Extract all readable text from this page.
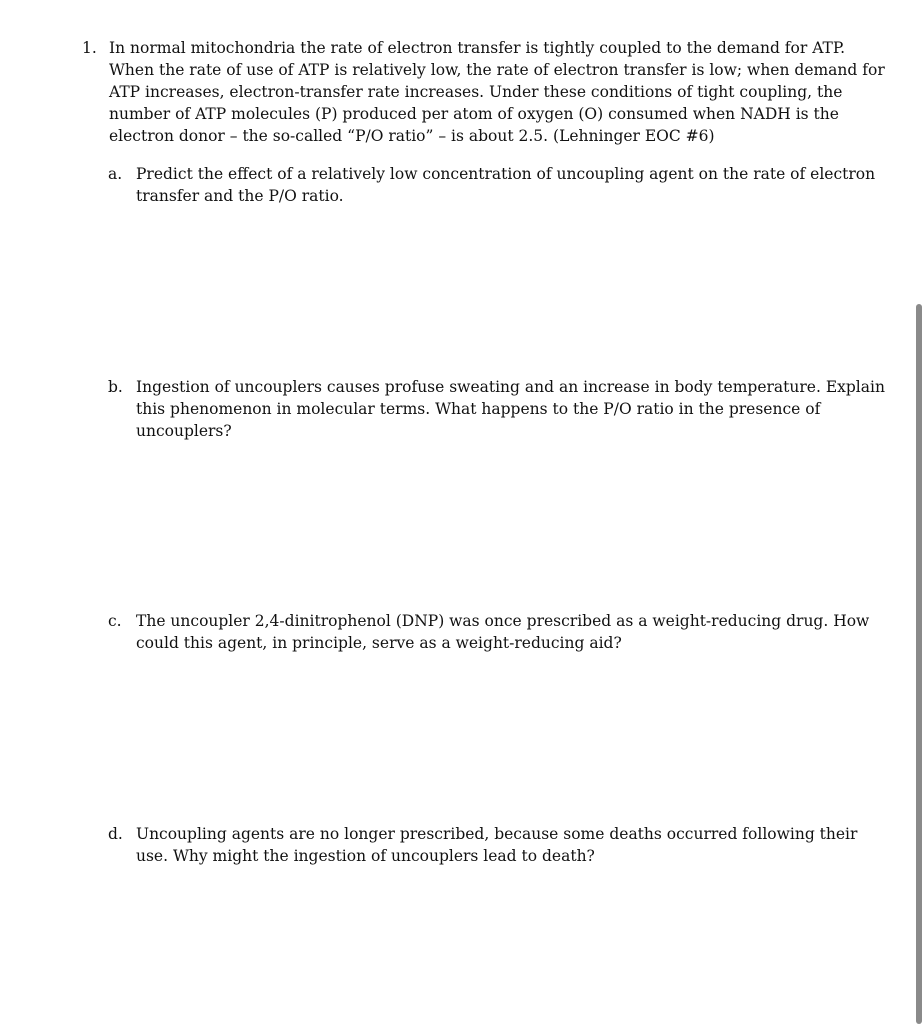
1. In normal mitochondria the rate of electron transfer is tightly coupled to the demand for ATP.
When the rate of use of ATP is relatively low, the rate of electron transfer is low; when demand for
ATP increases, electron-transfer rate increases. Under these conditions of tight coupling, the
number of ATP molecules (P) produced per atom of oxygen (O) consumed when NADH is the
electron donor – the so-called “P/O ratio” – is about 2.5. (Lehninger EOC #6)
a. Predict the effect of a relatively low concentration of uncoupling agent on the rate of electron
transfer and the P/O ratio.
b. Ingestion of uncouplers causes profuse sweating and an increase in body temperature. Explain
this phenomenon in molecular terms. What happens to the P/O ratio in the presence of
uncouplers?
c. The uncoupler 2,4-dinitrophenol (DNP) was once prescribed as a weight-reducing drug. How
could this agent, in principle, serve as a weight-reducing aid?
d. Uncoupling agents are no longer prescribed, because some deaths occurred following their
use. Why might the ingestion of uncouplers lead to death?
